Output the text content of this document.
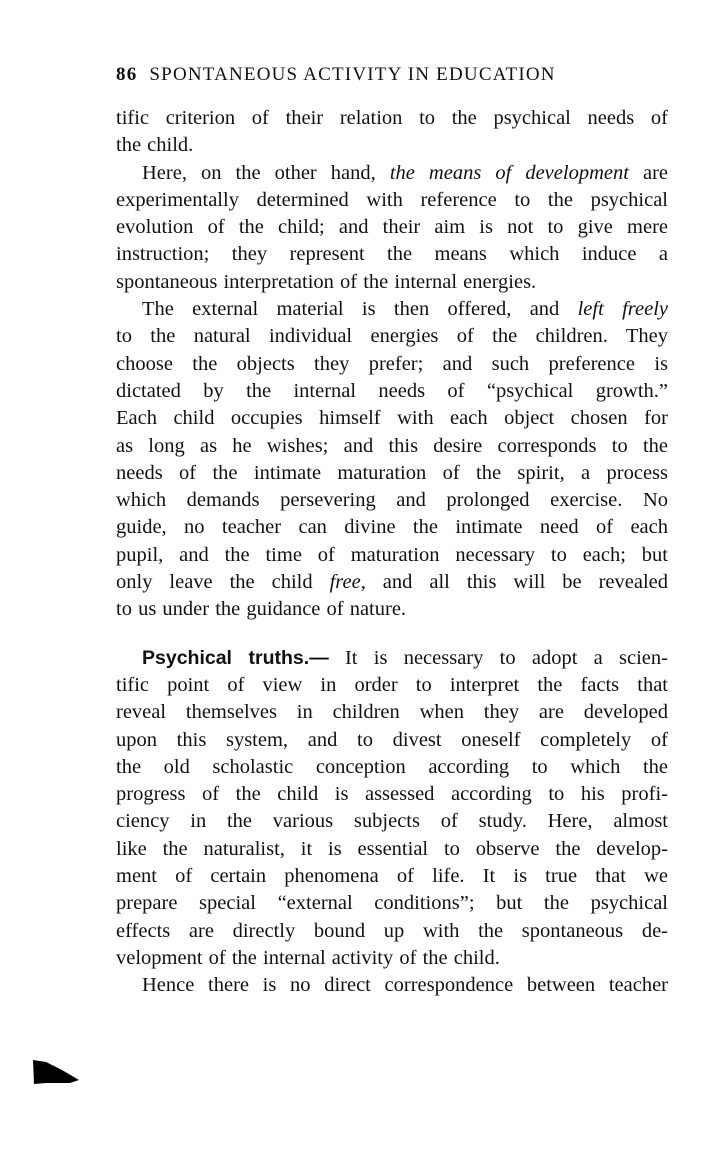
86 SPONTANEOUS ACTIVITY IN EDUCATION
tific criterion of their relation to the psychical needs of
the child.
Here, on the other hand, the means of development are
experimentally determined with reference to the psychical
evolution of the child; and their aim is not to give mere
instruction; they represent the means which induce a
spontaneous interpretation of the internal energies.
The external material is then offered, and left freely
to the natural individual energies of the children. They
choose the objects they prefer; and such preference is
dictated by the internal needs of “psychical growth.”
Each child occupies himself with each object chosen for
as long as he wishes; and this desire corresponds to the
needs of the intimate maturation of the spirit, a process
which demands persevering and prolonged exercise. No
guide, no teacher can divine the intimate need of each
pupil, and the time of maturation necessary to each; but
only leave the child free, and all this will be revealed
to us under the guidance of nature.
Psychical truths.— It is necessary to adopt a scien-
tific point of view in order to interpret the facts that
reveal themselves in children when they are developed
upon this system, and to divest oneself completely of
the old scholastic conception according to which the
progress of the child is assessed according to his profi-
ciency in the various subjects of study. Here, almost
like the naturalist, it is essential to observe the develop-
ment of certain phenomena of life. It is true that we
prepare special “external conditions”; but the psychical
effects are directly bound up with the spontaneous de-
velopment of the internal activity of the child.
Hence there is no direct correspondence between teacher
